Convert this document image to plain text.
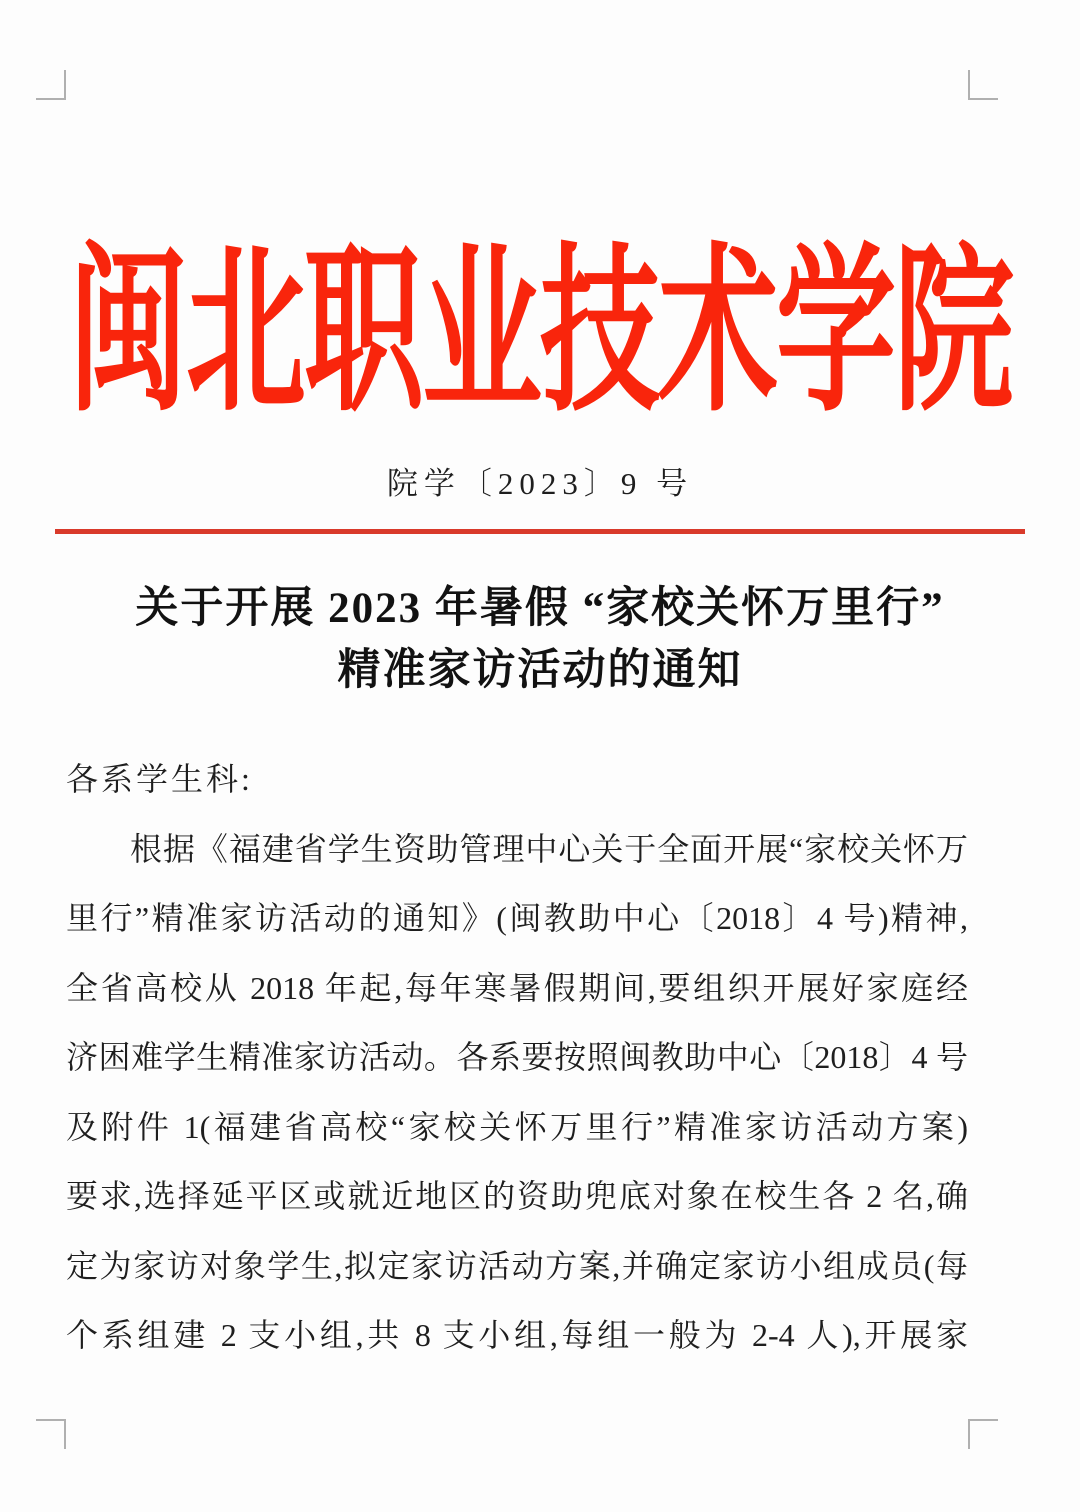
闽北职业技术学院
院学〔2023〕9 号
关于开展 2023 年暑假 “家校关怀万里行”
精准家访活动的通知
各系学生科:
根据《福建省学生资助管理中心关于全面开展“家校关怀万
里行”精准家访活动的通知》(闽教助中心〔2018〕4 号)精神,
全省高校从 2018 年起,每年寒暑假期间,要组织开展好家庭经
济困难学生精准家访活动。各系要按照闽教助中心〔2018〕4 号
及附件 1(福建省高校“家校关怀万里行”精准家访活动方案)
要求,选择延平区或就近地区的资助兜底对象在校生各 2 名,确
定为家访对象学生,拟定家访活动方案,并确定家访小组成员(每
个系组建 2 支小组,共 8 支小组,每组一般为 2-4 人),开展家
